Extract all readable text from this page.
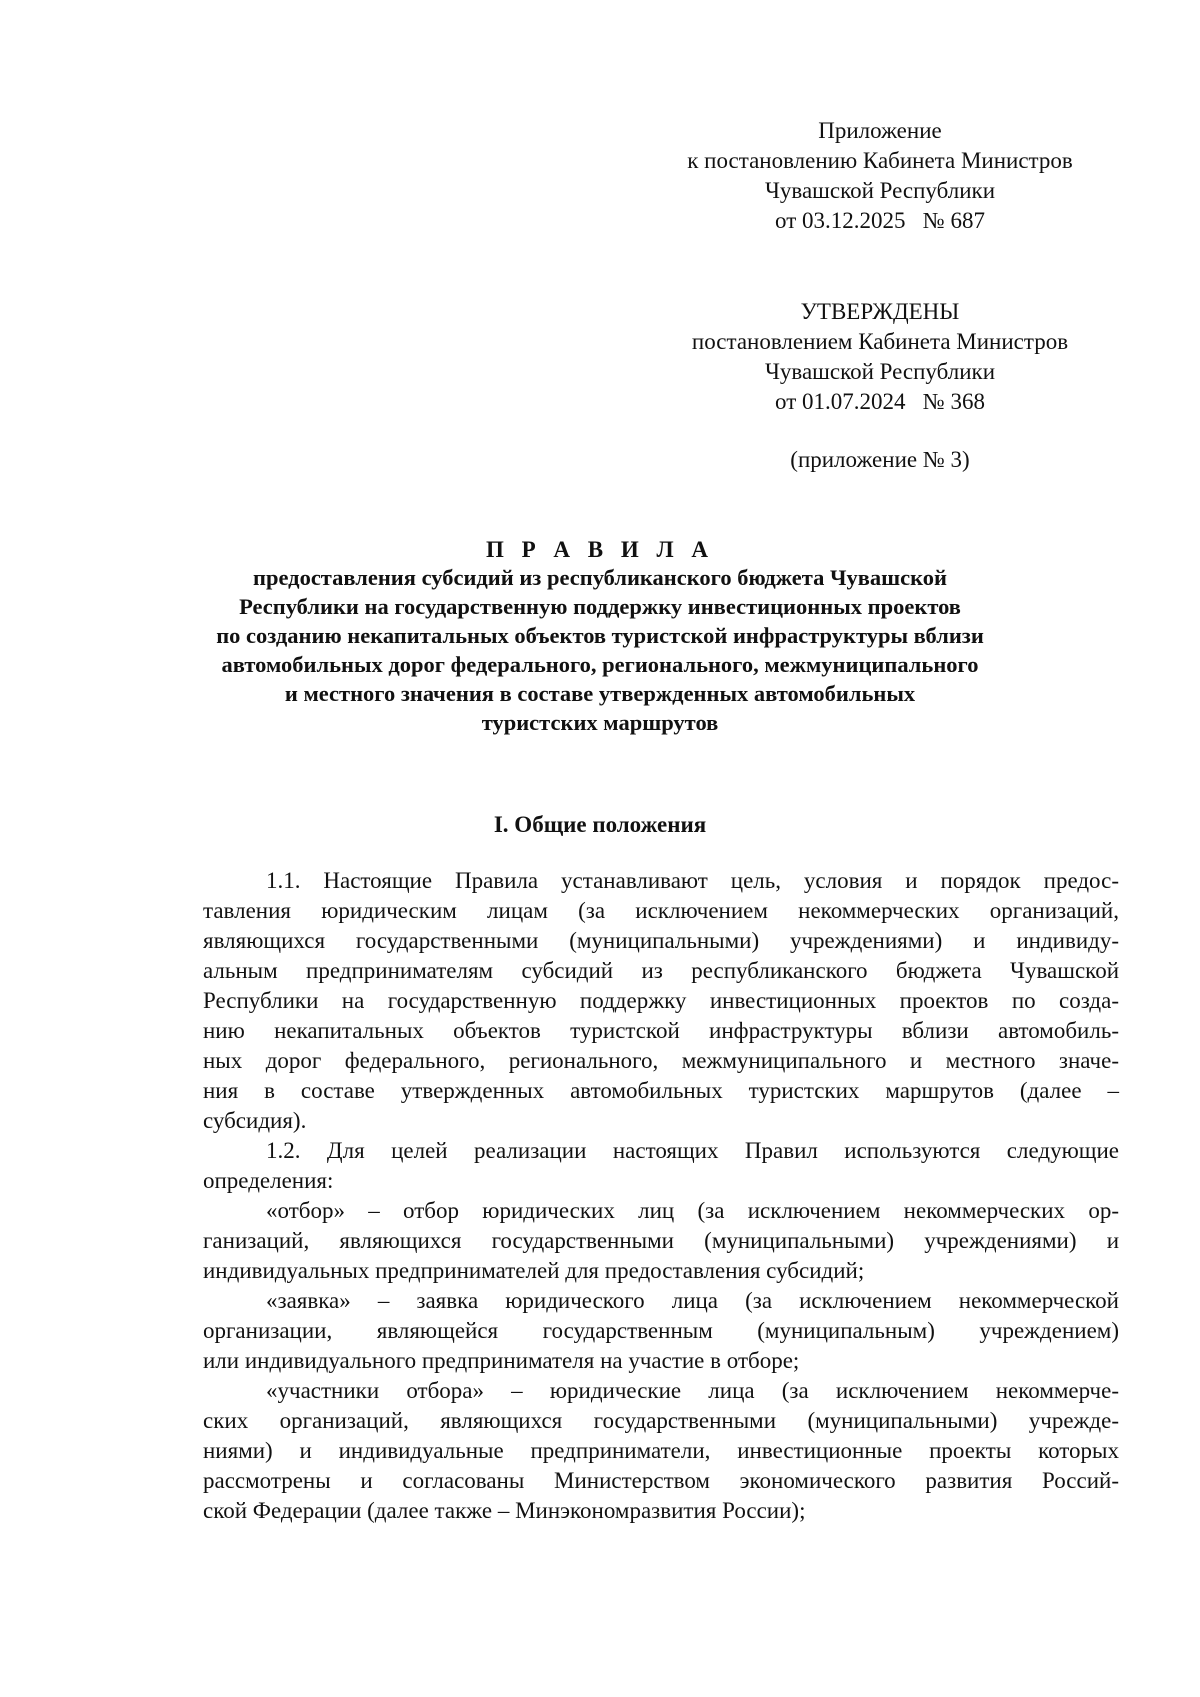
Приложение
к постановлению Кабинета Министров
Чувашской Республики
от 03.12.2025   № 687
УТВЕРЖДЕНЫ
постановлением Кабинета Министров
Чувашской Республики
от 01.07.2024   № 368
(приложение № 3)
П Р А В И Л А
предоставления субсидий из республиканского бюджета Чувашской
Республики на государственную поддержку инвестиционных проектов
по созданию некапитальных объектов туристской инфраструктуры вблизи
автомобильных дорог федерального, регионального, межмуниципального
и местного значения в составе утвержденных автомобильных
туристских маршрутов
I. Общие положения
1.1. Настоящие Правила устанавливают цель, условия и порядок предос-
тавления юридическим лицам (за исключением некоммерческих организаций,
являющихся государственными (муниципальными) учреждениями) и индивиду-
альным предпринимателям субсидий из республиканского бюджета Чувашской
Республики на государственную поддержку инвестиционных проектов по созда-
нию некапитальных объектов туристской инфраструктуры вблизи автомобиль-
ных дорог федерального, регионального, межмуниципального и местного значе-
ния в составе утвержденных автомобильных туристских маршрутов (далее –
субсидия).
1.2. Для целей реализации настоящих Правил используются следующие
определения:
«отбор» – отбор юридических лиц (за исключением некоммерческих ор-
ганизаций, являющихся государственными (муниципальными) учреждениями) и
индивидуальных предпринимателей для предоставления субсидий;
«заявка» – заявка юридического лица (за исключением некоммерческой
организации, являющейся государственным (муниципальным) учреждением)
или индивидуального предпринимателя на участие в отборе;
«участники отбора» – юридические лица (за исключением некоммерче-
ских организаций, являющихся государственными (муниципальными) учрежде-
ниями) и индивидуальные предприниматели, инвестиционные проекты которых
рассмотрены и согласованы Министерством экономического развития Россий-
ской Федерации (далее также – Минэкономразвития России);
